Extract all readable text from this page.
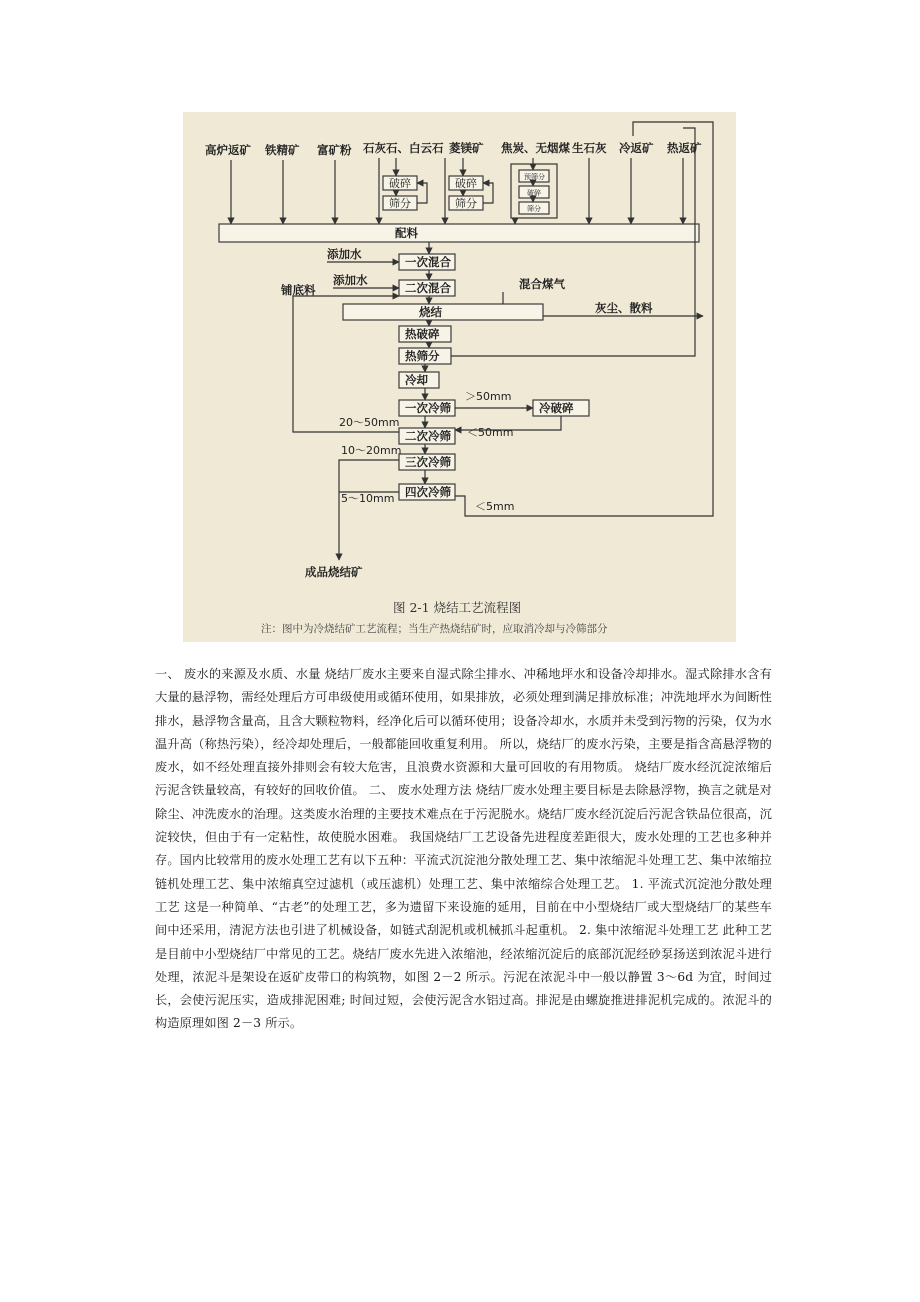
高炉返矿 铁精矿 富矿粉 石灰石、白云石 菱镁矿 焦炭、无烟煤 生石灰 冷返矿 热返矿
破碎
筛分
破碎
筛分
预筛分
破碎
筛分
配料
添加水
一次混合
添加水
二次混合
铺底料
烧结
混合煤气
灰尘、散料
热破碎
热筛分
冷却
一次冷筛
＞50mm
冷破碎
＜50mm
二次冷筛
20～50mm
三次冷筛
10～20mm
四次冷筛
5～10mm
＜5mm
成品烧结矿
图 2-1 烧结工艺流程图
注：图中为冷烧结矿工艺流程；当生产热烧结矿时，应取消冷却与冷筛部分
一、 废水的来源及水质、水量 烧结厂废水主要来自湿式除尘排水、冲稀地坪水和设备冷却排水。湿式除排水含有大量的悬浮物，需经处理后方可串级使用或循环使用，如果排放，必须处理到满足排放标准；冲洗地坪水为间断性排水，悬浮物含量高，且含大颗粒物料，经净化后可以循环使用；设备冷却水，水质并未受到污物的污染，仅为水温升高（称热污染），经冷却处理后，一般都能回收重复利用。 所以，烧结厂的废水污染，主要是指含高悬浮物的废水，如不经处理直接外排则会有较大危害，且浪费水资源和大量可回收的有用物质。 烧结厂废水经沉淀浓缩后污泥含铁量较高，有较好的回收价值。 二、 废水处理方法 烧结厂废水处理主要目标是去除悬浮物，换言之就是对除尘、冲洗废水的治理。这类废水治理的主要技术难点在于污泥脱水。烧结厂废水经沉淀后污泥含铁品位很高，沉淀较快，但由于有一定粘性，故使脱水困难。 我国烧结厂工艺设备先进程度差距很大，废水处理的工艺也多种并存。国内比较常用的废水处理工艺有以下五种：平流式沉淀池分散处理工艺、集中浓缩泥斗处理工艺、集中浓缩拉链机处理工艺、集中浓缩真空过滤机（或压滤机）处理工艺、集中浓缩综合处理工艺。 1. 平流式沉淀池分散处理工艺 这是一种简单、“古老”的处理工艺，多为遗留下来设施的延用，目前在中小型烧结厂或大型烧结厂的某些车间中还采用，清泥方法也引进了机械设备，如链式刮泥机或机械抓斗起重机。 2. 集中浓缩泥斗处理工艺 此种工艺是目前中小型烧结厂中常见的工艺。烧结厂废水先进入浓缩池，经浓缩沉淀后的底部沉泥经砂泵扬送到浓泥斗进行处理，浓泥斗是架设在返矿皮带口的构筑物，如图 2－2 所示。污泥在浓泥斗中一般以静置 3～6d 为宜，时间过长，会使污泥压实，造成排泥困难; 时间过短，会使污泥含水铝过高。排泥是由螺旋推进排泥机完成的。浓泥斗的构造原理如图 2－3 所示。
